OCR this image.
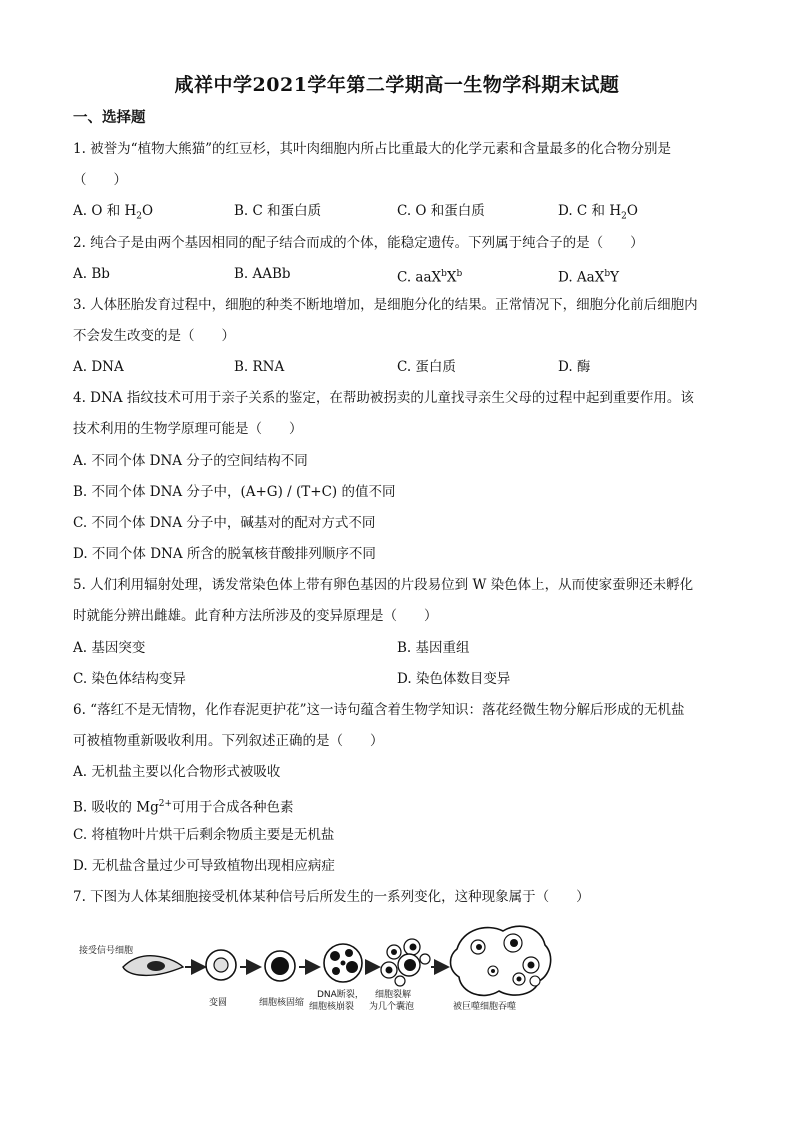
咸祥中学2021学年第二学期高一生物学科期末试题
一、选择题
1. 被誉为“植物大熊猫”的红豆杉，其叶肉细胞内所占比重最大的化学元素和含量最多的化合物分别是
（　　）
A. O 和 $H_2O$	B. C 和蛋白质	C. O 和蛋白质	D. C 和 $H_2O$
2. 纯合子是由两个基因相同的配子结合而成的个体，能稳定遗传。下列属于纯合子的是（　　）
A. Bb	B. AABb	C. $aaX^bX^b$	D. AaX$^b$Y
3. 人体胚胎发育过程中，细胞的种类不断地增加，是细胞分化的结果。正常情况下，细胞分化前后细胞内
不会发生改变的是（　　）
A. DNA	B. RNA	C. 蛋白质	D. 酶
4. DNA 指纹技术可用于亲子关系的鉴定，在帮助被拐卖的儿童找寻亲生父母的过程中起到重要作用。该
技术利用的生物学原理可能是（　　）
A. 不同个体 DNA 分子的空间结构不同
B. 不同个体 DNA 分子中，(A+G) / (T+C) 的值不同
C. 不同个体 DNA 分子中，碱基对的配对方式不同
D. 不同个体 DNA 所含的脱氧核苷酸排列顺序不同
5. 人们利用辐射处理，诱发常染色体上带有卵色基因的片段易位到 W 染色体上，从而使家蚕卵还未孵化
时就能分辨出雌雄。此育种方法所涉及的变异原理是（　　）
A. 基因突变	B. 基因重组
C. 染色体结构变异	D. 染色体数目变异
6. “落红不是无情物，化作春泥更护花”这一诗句蕴含着生物学知识：落花经微生物分解后形成的无机盐
可被植物重新吸收利用。下列叙述正确的是（　　）
A. 无机盐主要以化合物形式被吸收
B. 吸收的 $Mg^{2+}$可用于合成各种色素
C. 将植物叶片烘干后剩余物质主要是无机盐
D. 无机盐含量过少可导致植物出现相应病症
7. 下图为人体某细胞接受机体某种信号后所发生的一系列变化，这种现象属于（　　）
接受信号细胞
变圆	细胞核固缩
DNA断裂，
细胞核崩裂
细胞裂解
为几个囊泡	被巨噬细胞吞噬
